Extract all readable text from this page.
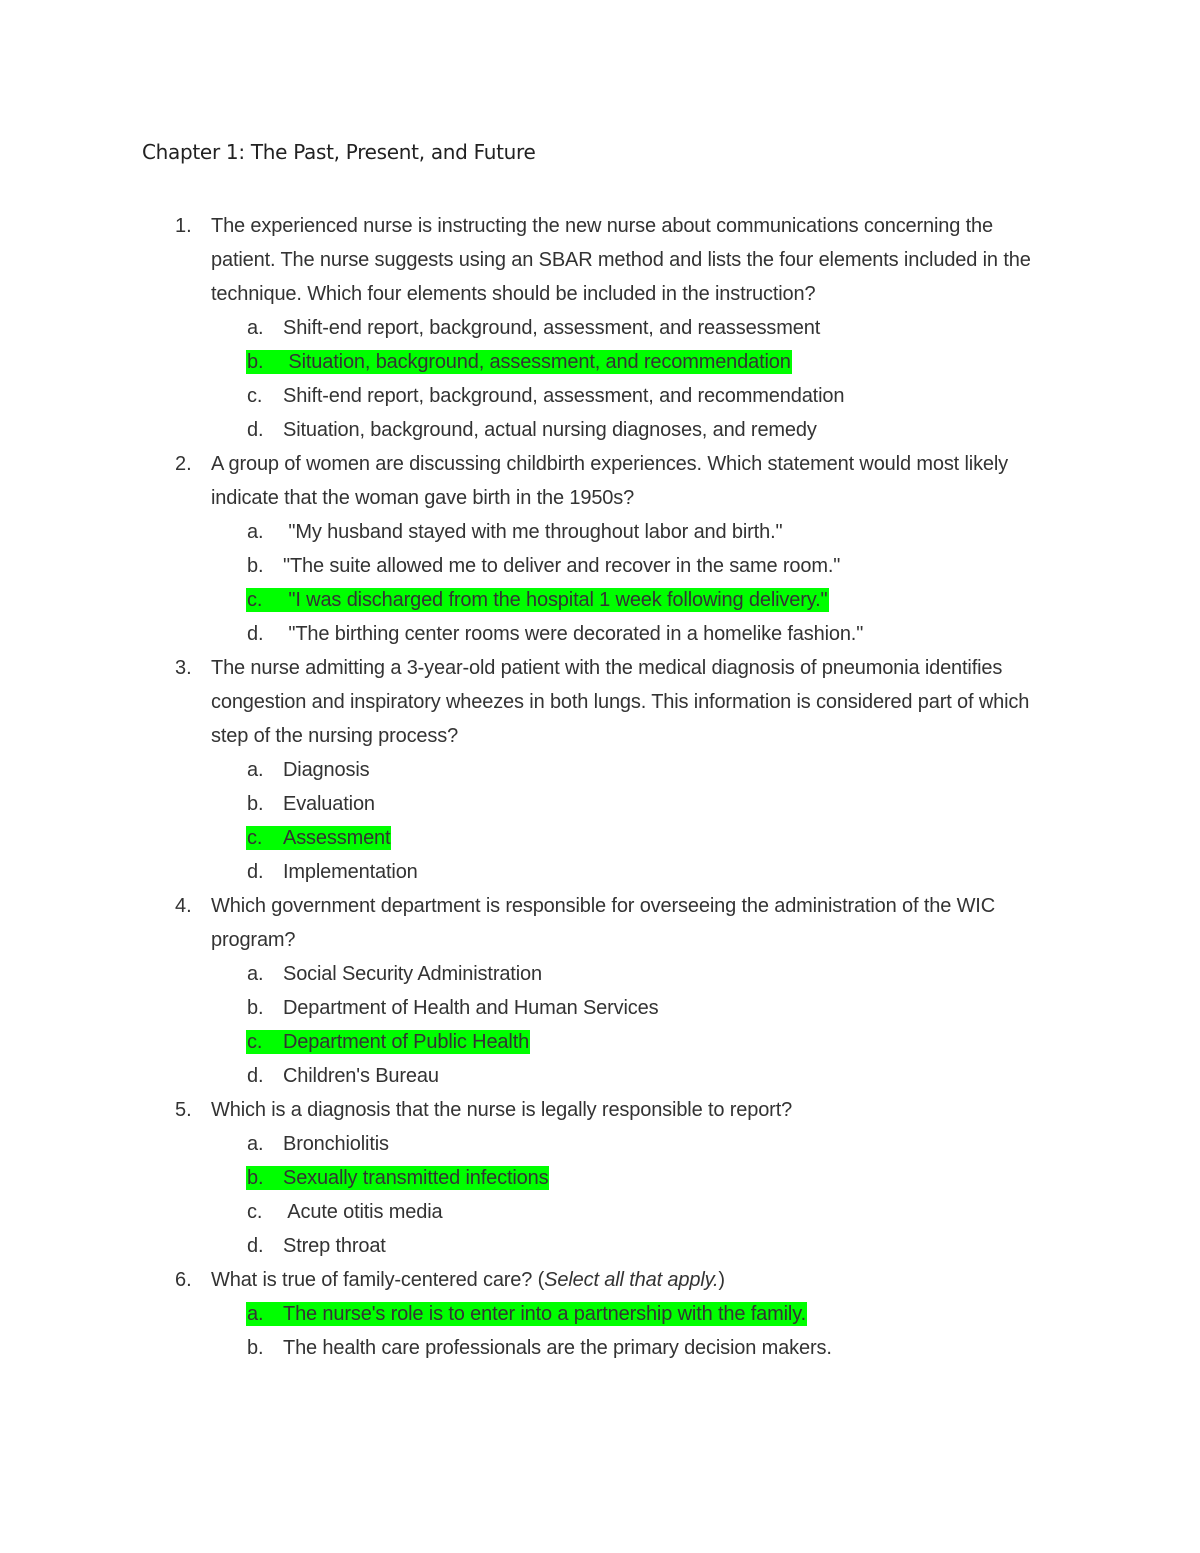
Chapter 1: The Past, Present, and Future
1. The experienced nurse is instructing the new nurse about communications concerning the patient. The nurse suggests using an SBAR method and lists the four elements included in the technique. Which four elements should be included in the instruction?

a. Shift-end report, background, assessment, and reassessment
b. Situation, background, assessment, and recommendation
c. Shift-end report, background, assessment, and recommendation
d. Situation, background, actual nursing diagnoses, and remedy
2. A group of women are discussing childbirth experiences. Which statement would most likely indicate that the woman gave birth in the 1950s?

a. "My husband stayed with me throughout labor and birth."
b. "The suite allowed me to deliver and recover in the same room."
c. "I was discharged from the hospital 1 week following delivery."
d. "The birthing center rooms were decorated in a homelike fashion."
3. The nurse admitting a 3-year-old patient with the medical diagnosis of pneumonia identifies congestion and inspiratory wheezes in both lungs. This information is considered part of which step of the nursing process?

a. Diagnosis
b. Evaluation
c. Assessment
d. Implementation
4. Which government department is responsible for overseeing the administration of the WIC program?

a. Social Security Administration
b. Department of Health and Human Services
c. Department of Public Health
d. Children's Bureau
5. Which is a diagnosis that the nurse is legally responsible to report?

a. Bronchiolitis
b. Sexually transmitted infections
c. Acute otitis media
d. Strep throat
6. What is true of family-centered care? (Select all that apply.)

a. The nurse's role is to enter into a partnership with the family.
b. The health care professionals are the primary decision makers.
